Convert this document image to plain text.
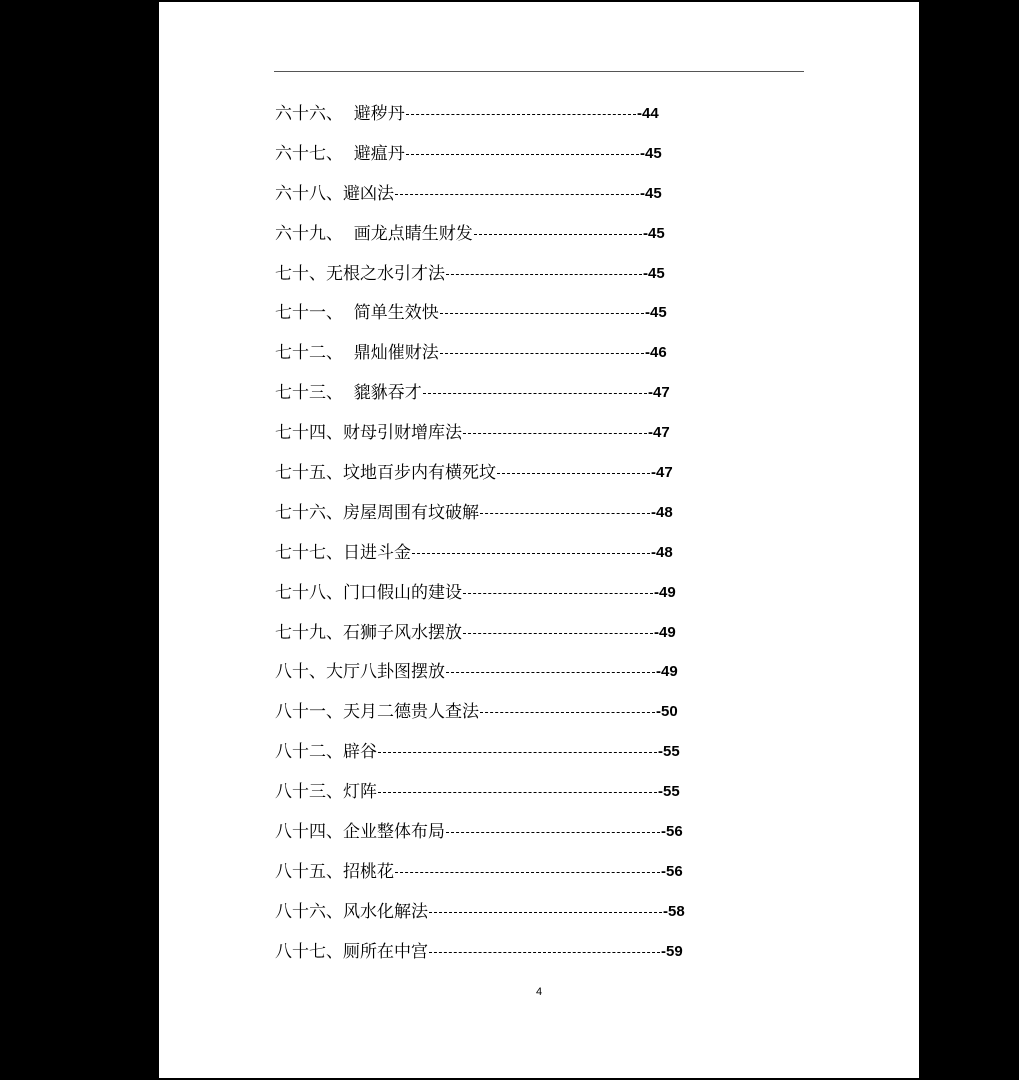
六十六、  避秽丹	-44
六十七、  避瘟丹	-45
六十八、避凶法	-45
六十九、  画龙点睛生财发	-45
七十、无根之水引才法	-45
七十一、  简单生效快	-45
七十二、  鼎灿催财法	-46
七十三、  貔貅吞才	-47
七十四、财母引财增库法	-47
七十五、坟地百步内有横死坟	-47
七十六、房屋周围有坟破解	-48
七十七、日进斗金	-48
七十八、门口假山的建设	-49
七十九、石狮子风水摆放	-49
八十、大厅八卦图摆放	-49
八十一、天月二德贵人查法	-50
八十二、辟谷	-55
八十三、灯阵	-55
八十四、企业整体布局	-56
八十五、招桃花	-56
八十六、风水化解法	-58
八十七、厕所在中宫	-59
4
